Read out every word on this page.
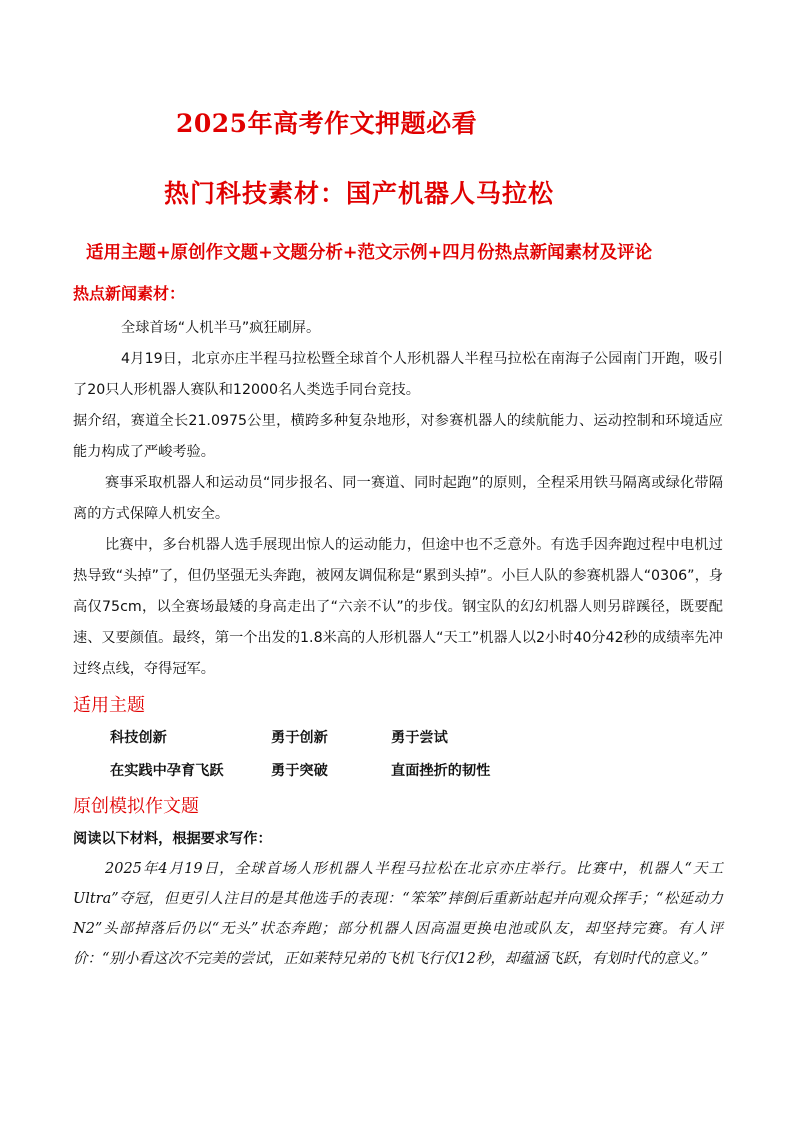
2025年高考作文押题必看
热门科技素材：国产机器人马拉松
适用主题+原创作文题+文题分析+范文示例+四月份热点新闻素材及评论
热点新闻素材：

全球首场“人机半马”疯狂刷屏。

4月19日，北京亦庄半程马拉松暨全球首个人形机器人半程马拉松在南海子公园南门开跑，吸引了20只人形机器人赛队和12000名人类选手同台竞技。

据介绍，赛道全长21.0975公里，横跨多种复杂地形，对参赛机器人的续航能力、运动控制和环境适应能力构成了严峻考验。

赛事采取机器人和运动员“同步报名、同一赛道、同时起跑”的原则，全程采用铁马隔离或绿化带隔离的方式保障人机安全。

比赛中，多台机器人选手展现出惊人的运动能力，但途中也不乏意外。有选手因奔跑过程中电机过热导致“头掉”了，但仍坚强无头奔跑，被网友调侃称是“累到头掉”。小巨人队的参赛机器人“0306”，身高仅75cm，以全赛场最矮的身高走出了“六亲不认”的步伐。钢宝队的幻幻机器人则另辟蹊径，既要配速、又要颜值。最终，第一个出发的1.8米高的人形机器人“天工”机器人以2小时40分42秒的成绩率先冲过终点线，夺得冠军。

适用主题
科技创新	勇于创新	勇于尝试
在实践中孕育飞跃	勇于突破	直面挫折的韧性
原创模拟作文题
阅读以下材料，根据要求写作：
2025年4月19日，全球首场人形机器人半程马拉松在北京亦庄举行。比赛中，机器人“天工Ultra”夺冠，但更引人注目的是其他选手的表现：“笨笨”摔倒后重新站起并向观众挥手；“松延动力N2”头部掉落后仍以“无头”状态奔跑；部分机器人因高温更换电池或队友，却坚持完赛。有人评价：“别小看这次不完美的尝试，正如莱特兄弟的飞机飞行仅12秒，却蕴涵飞跃，有划时代的意义。”
